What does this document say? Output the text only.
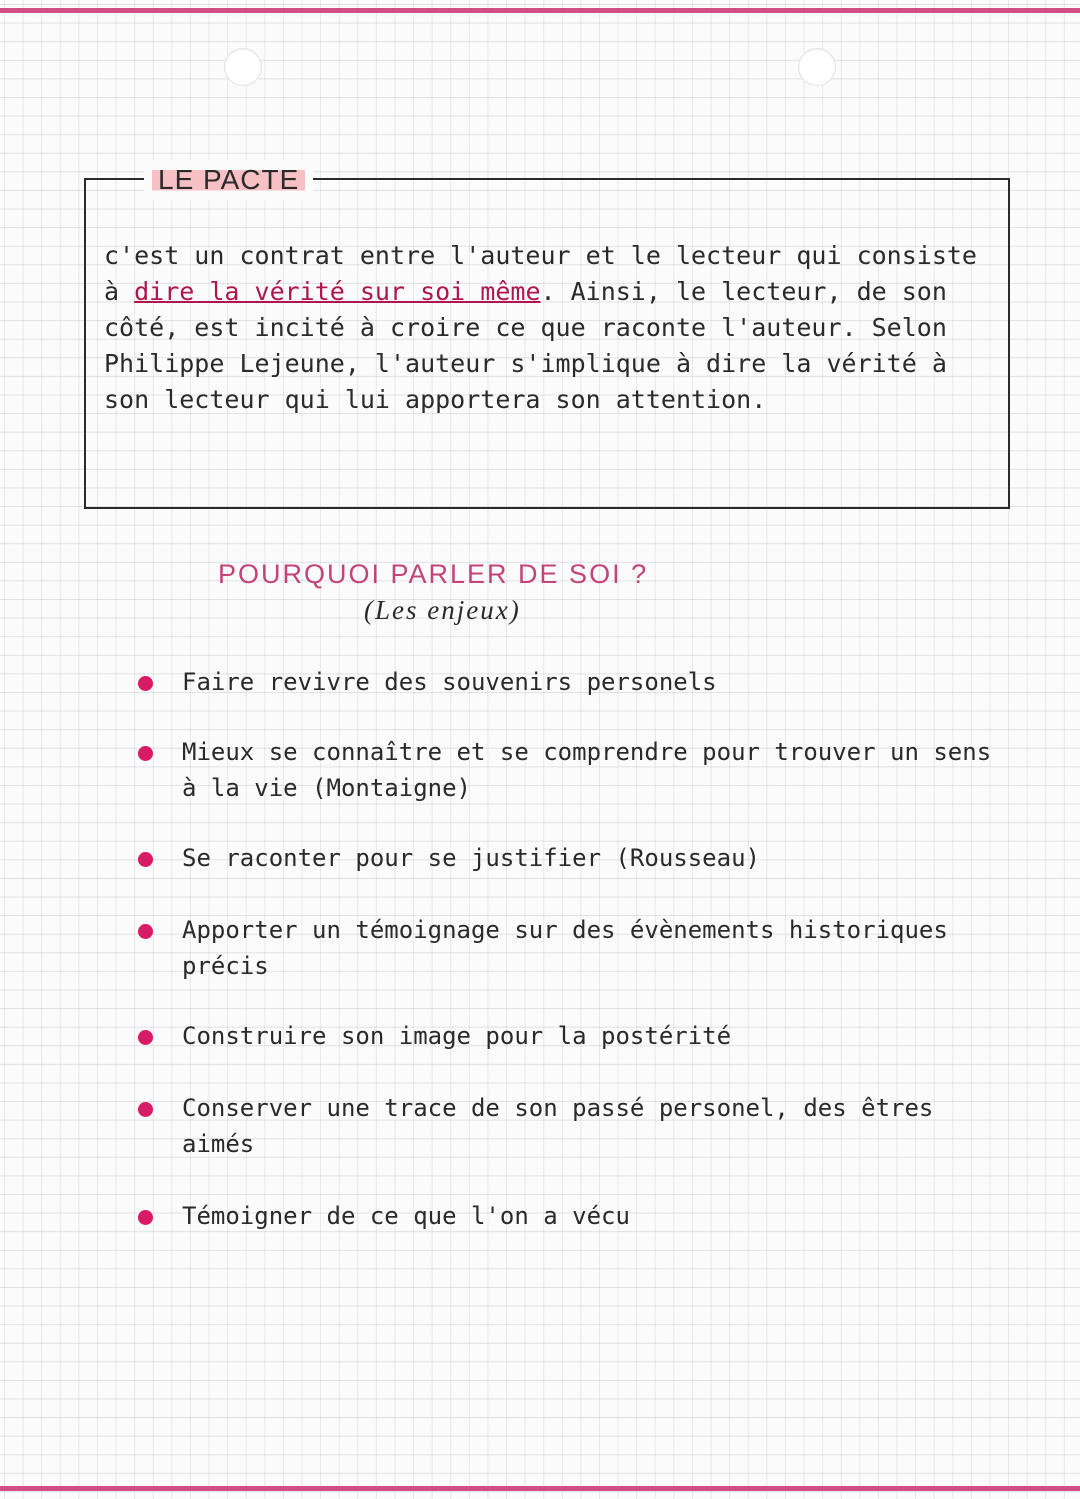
LE PACTE

c'est un contrat entre l'auteur et le lecteur qui consiste à dire la vérité sur soi même. Ainsi, le lecteur, de son côté, est incité à croire ce que raconte l'auteur. Selon Philippe Lejeune, l'auteur s'implique à dire la vérité à son lecteur qui lui apportera son attention.

POURQUOI PARLER DE SOI ?
(Les enjeux)

Faire revivre des souvenirs personels

Mieux se connaître et se comprendre pour trouver un sens à la vie (Montaigne)

Se raconter pour se justifier (Rousseau)

Apporter un témoignage sur des évènements historiques précis

Construire son image pour la postérité

Conserver une trace de son passé personel, des êtres aimés

Témoigner de ce que l'on a vécu
